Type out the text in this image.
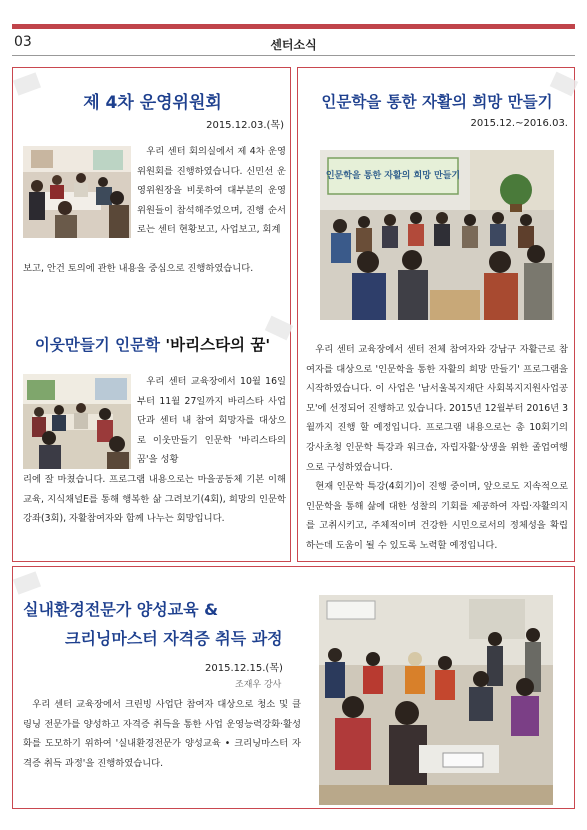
03	센터소식
제 4차 운영위원회
2015.12.03.(목)

우리 센터 회의실에서 제 4차 운영위원회를 진행하였습니다. 신민선 운영위원장을 비롯하여 대부분의 운영위원들이 참석해주었으며, 진행 순서로는 센터 현황보고, 사업보고, 회계

보고, 안건 토의에 관한 내용을 중심으로 진행하였습니다.
이웃만들기 인문학 '바리스타의 꿈'

우리 센터 교육장에서 10월 16일부터 11월 27일까지 바리스타 사업단과 센터 내 참여 회망자를 대상으로 이웃만들기 인문학 '바리스타의 꿈'을 성황

리에 잘 마쳤습니다. 프로그램 내용으로는 마을공동체 기본 이해교육, 지식채널E를 통해 행복한 삶 그려보기(4회), 희망의 인문학 강좌(3회), 자활참여자와 함께 나누는 회망입니다.
인문학을 통한 자활의 희망 만들기
2015.12.~2016.03.
인문학을 통한 자활의 희망 만들기

우리 센터 교육장에서 센터 전체 참여자와 강남구 자활근로 참여자를 대상으로 '인문학을 통한 자활의 희망 만들기' 프로그램을 시작하였습니다. 이 사업은 '남서울복지재단 사회복지지원사업공모'에 선정되어 진행하고 있습니다. 2015년 12월부터 2016년 3월까지 진행 할 예정입니다. 프로그램 내용으로는 총 10회기의 강사초청 인문학 특강과 워크숍, 자립자활·상생을 위한 졸업여행으로 구성하였습니다.

현재 인문학 특강(4회기)이 진행 중이며, 앞으로도 지속적으로 인문학을 통해 삶에 대한 성찰의 기회를 제공하여 자립·자활의지를 고취시키고, 주체적이며 건강한 시민으로서의 정체성을 확립하는데 도움이 될 수 있도록 노력할 예정입니다.

실내환경전문가 양성교육 &
크리닝마스터 자격증 취득 과정
2015.12.15.(목)
조재우 강사

우리 센터 교육장에서 크린빙 사업단 참여자 대상으로 청소 및 클링닝 전문가를 양성하고 자격증 취득을 통한 사업 운영능력강화·활성화를 도모하기 위하여 '실내환경전문가 양성교육 • 크리닝마스터 자격증 취득 과정'을 진행하였습니다.
